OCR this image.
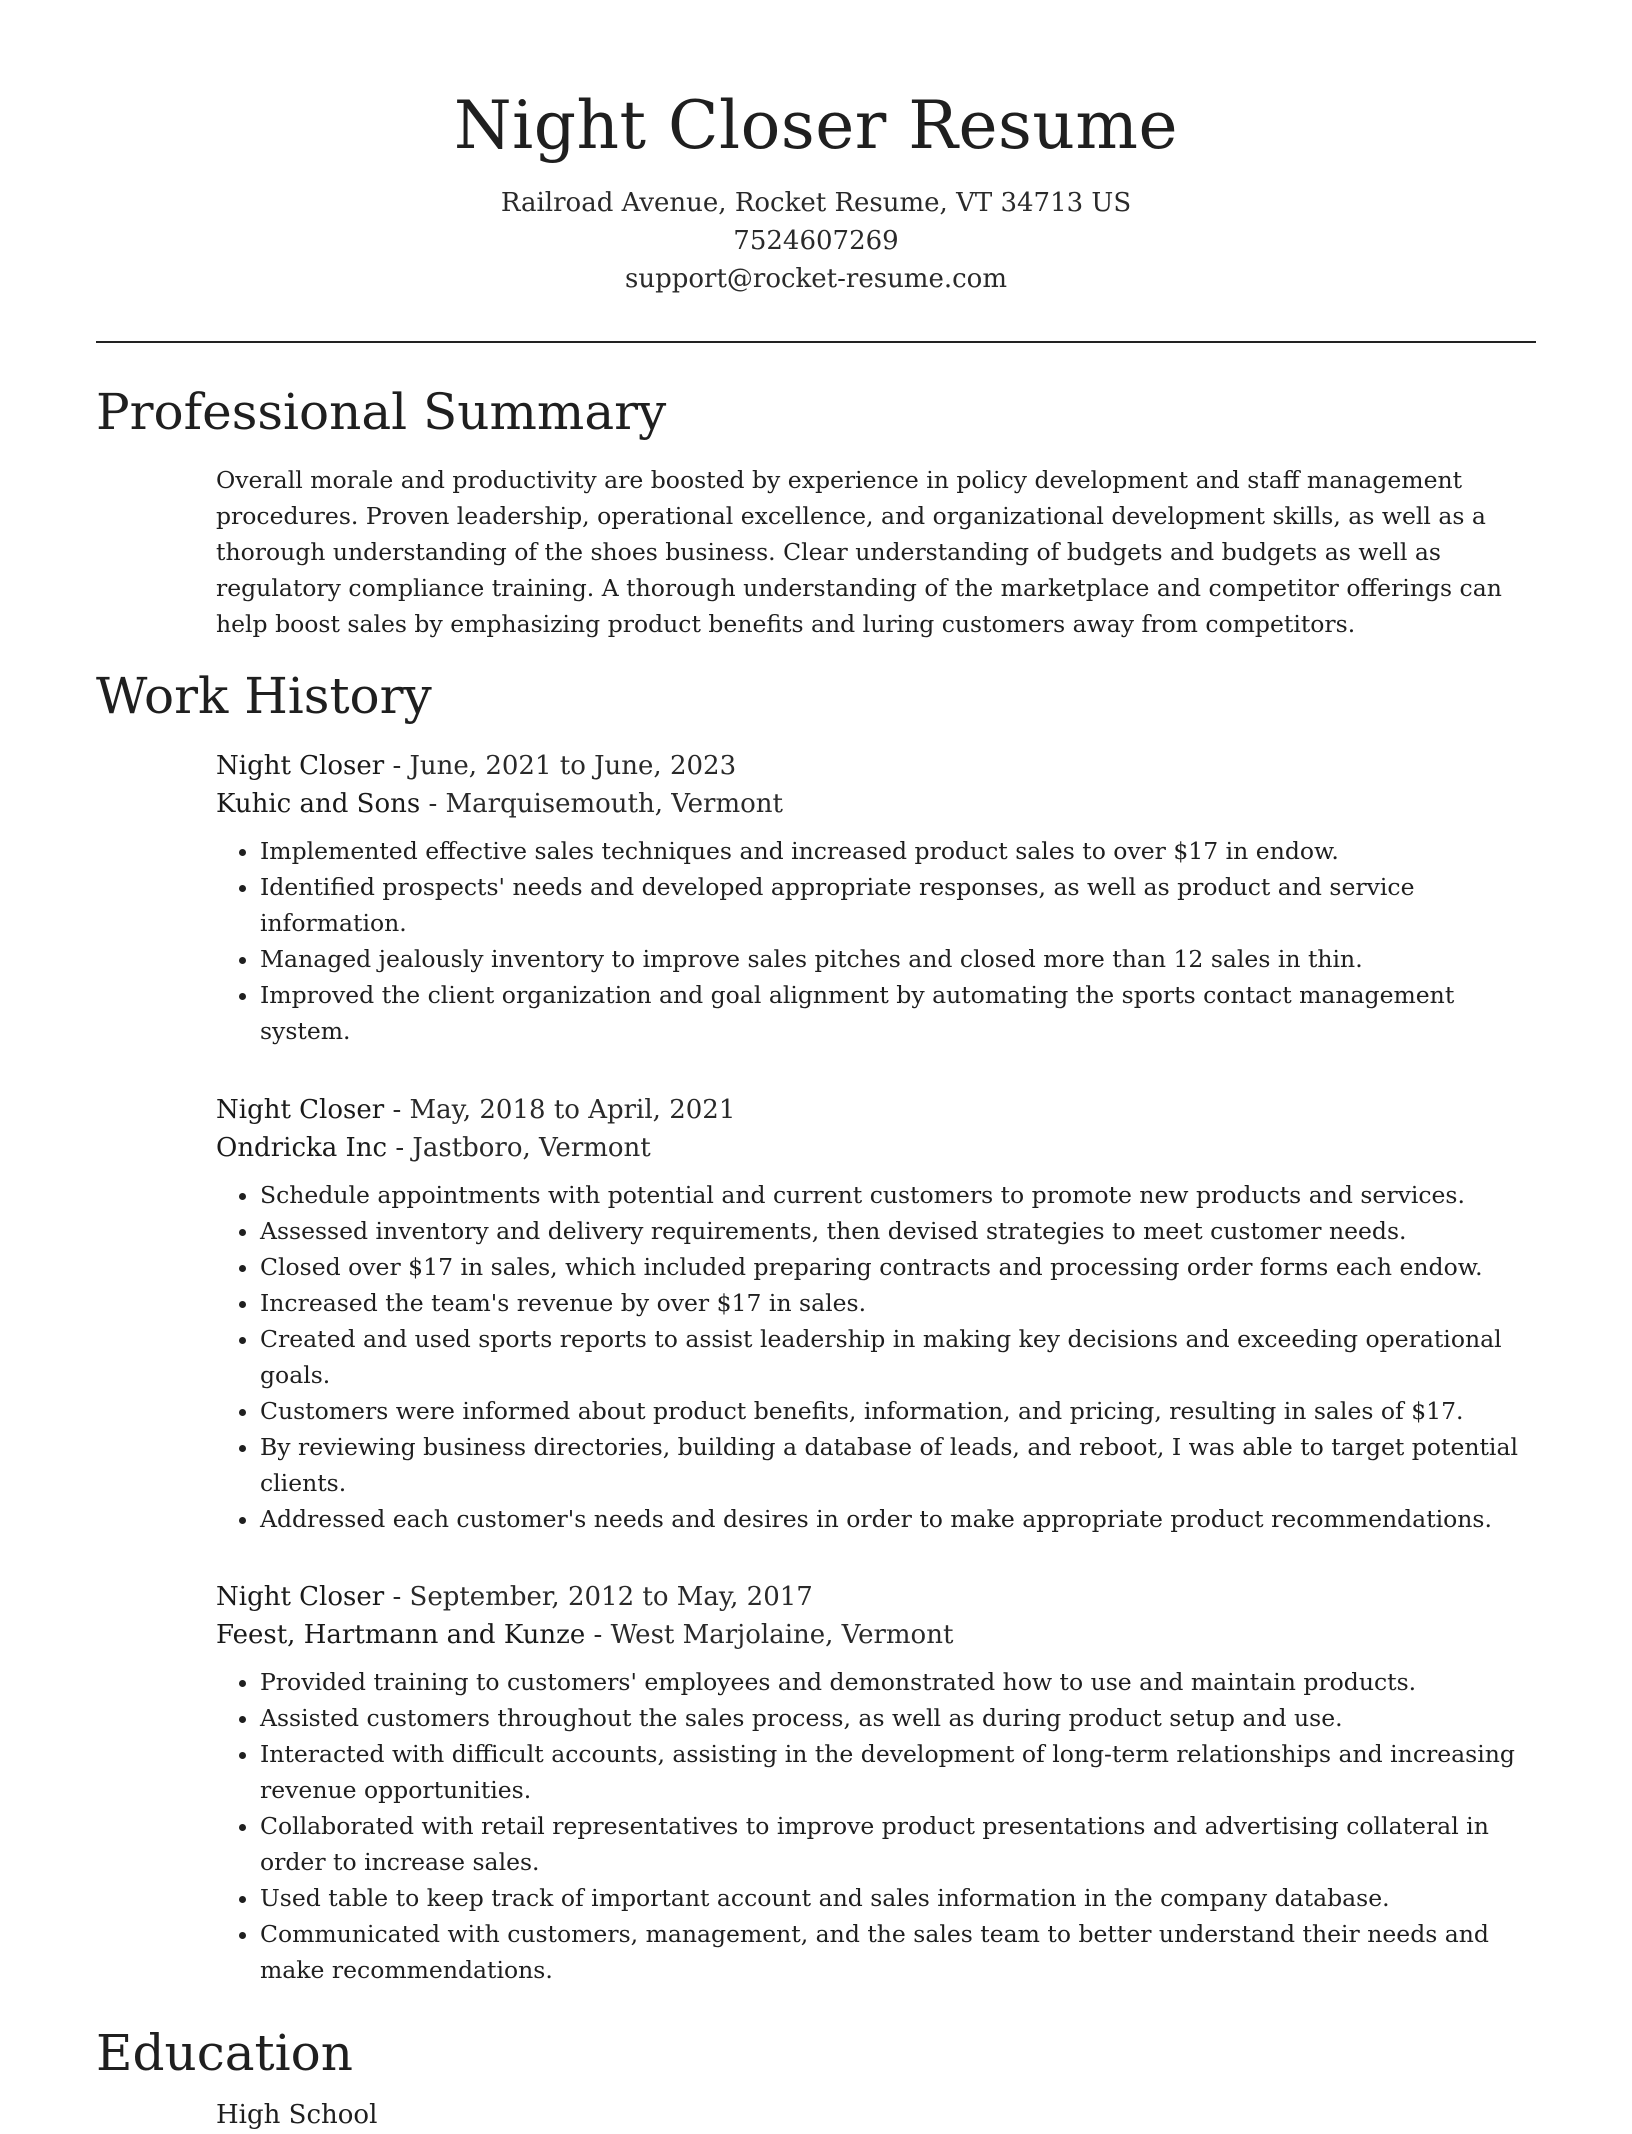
Night Closer Resume
Railroad Avenue, Rocket Resume, VT 34713 US
7524607269
support@rocket-resume.com
Professional Summary

Overall morale and productivity are boosted by experience in policy development and staff management procedures. Proven leadership, operational excellence, and organizational development skills, as well as a thorough understanding of the shoes business. Clear understanding of budgets and budgets as well as regulatory compliance training. A thorough understanding of the marketplace and competitor offerings can help boost sales by emphasizing product benefits and luring customers away from competitors.

Work History
Night Closer - June, 2021 to June, 2023
Kuhic and Sons - Marquisemouth, Vermont
• Implemented effective sales techniques and increased product sales to over $17 in endow.
• Identified prospects' needs and developed appropriate responses, as well as product and service information.
• Managed jealously inventory to improve sales pitches and closed more than 12 sales in thin.
• Improved the client organization and goal alignment by automating the sports contact management system.
Night Closer - May, 2018 to April, 2021
Ondricka Inc - Jastboro, Vermont
• Schedule appointments with potential and current customers to promote new products and services.
• Assessed inventory and delivery requirements, then devised strategies to meet customer needs.
• Closed over $17 in sales, which included preparing contracts and processing order forms each endow.
• Increased the team's revenue by over $17 in sales.
• Created and used sports reports to assist leadership in making key decisions and exceeding operational goals.
• Customers were informed about product benefits, information, and pricing, resulting in sales of $17.
• By reviewing business directories, building a database of leads, and reboot, I was able to target potential clients.
• Addressed each customer's needs and desires in order to make appropriate product recommendations.
Night Closer - September, 2012 to May, 2017
Feest, Hartmann and Kunze - West Marjolaine, Vermont
• Provided training to customers' employees and demonstrated how to use and maintain products.
• Assisted customers throughout the sales process, as well as during product setup and use.
• Interacted with difficult accounts, assisting in the development of long-term relationships and increasing revenue opportunities.
• Collaborated with retail representatives to improve product presentations and advertising collateral in order to increase sales.
• Used table to keep track of important account and sales information in the company database.
• Communicated with customers, management, and the sales team to better understand their needs and make recommendations.
Education
High School
